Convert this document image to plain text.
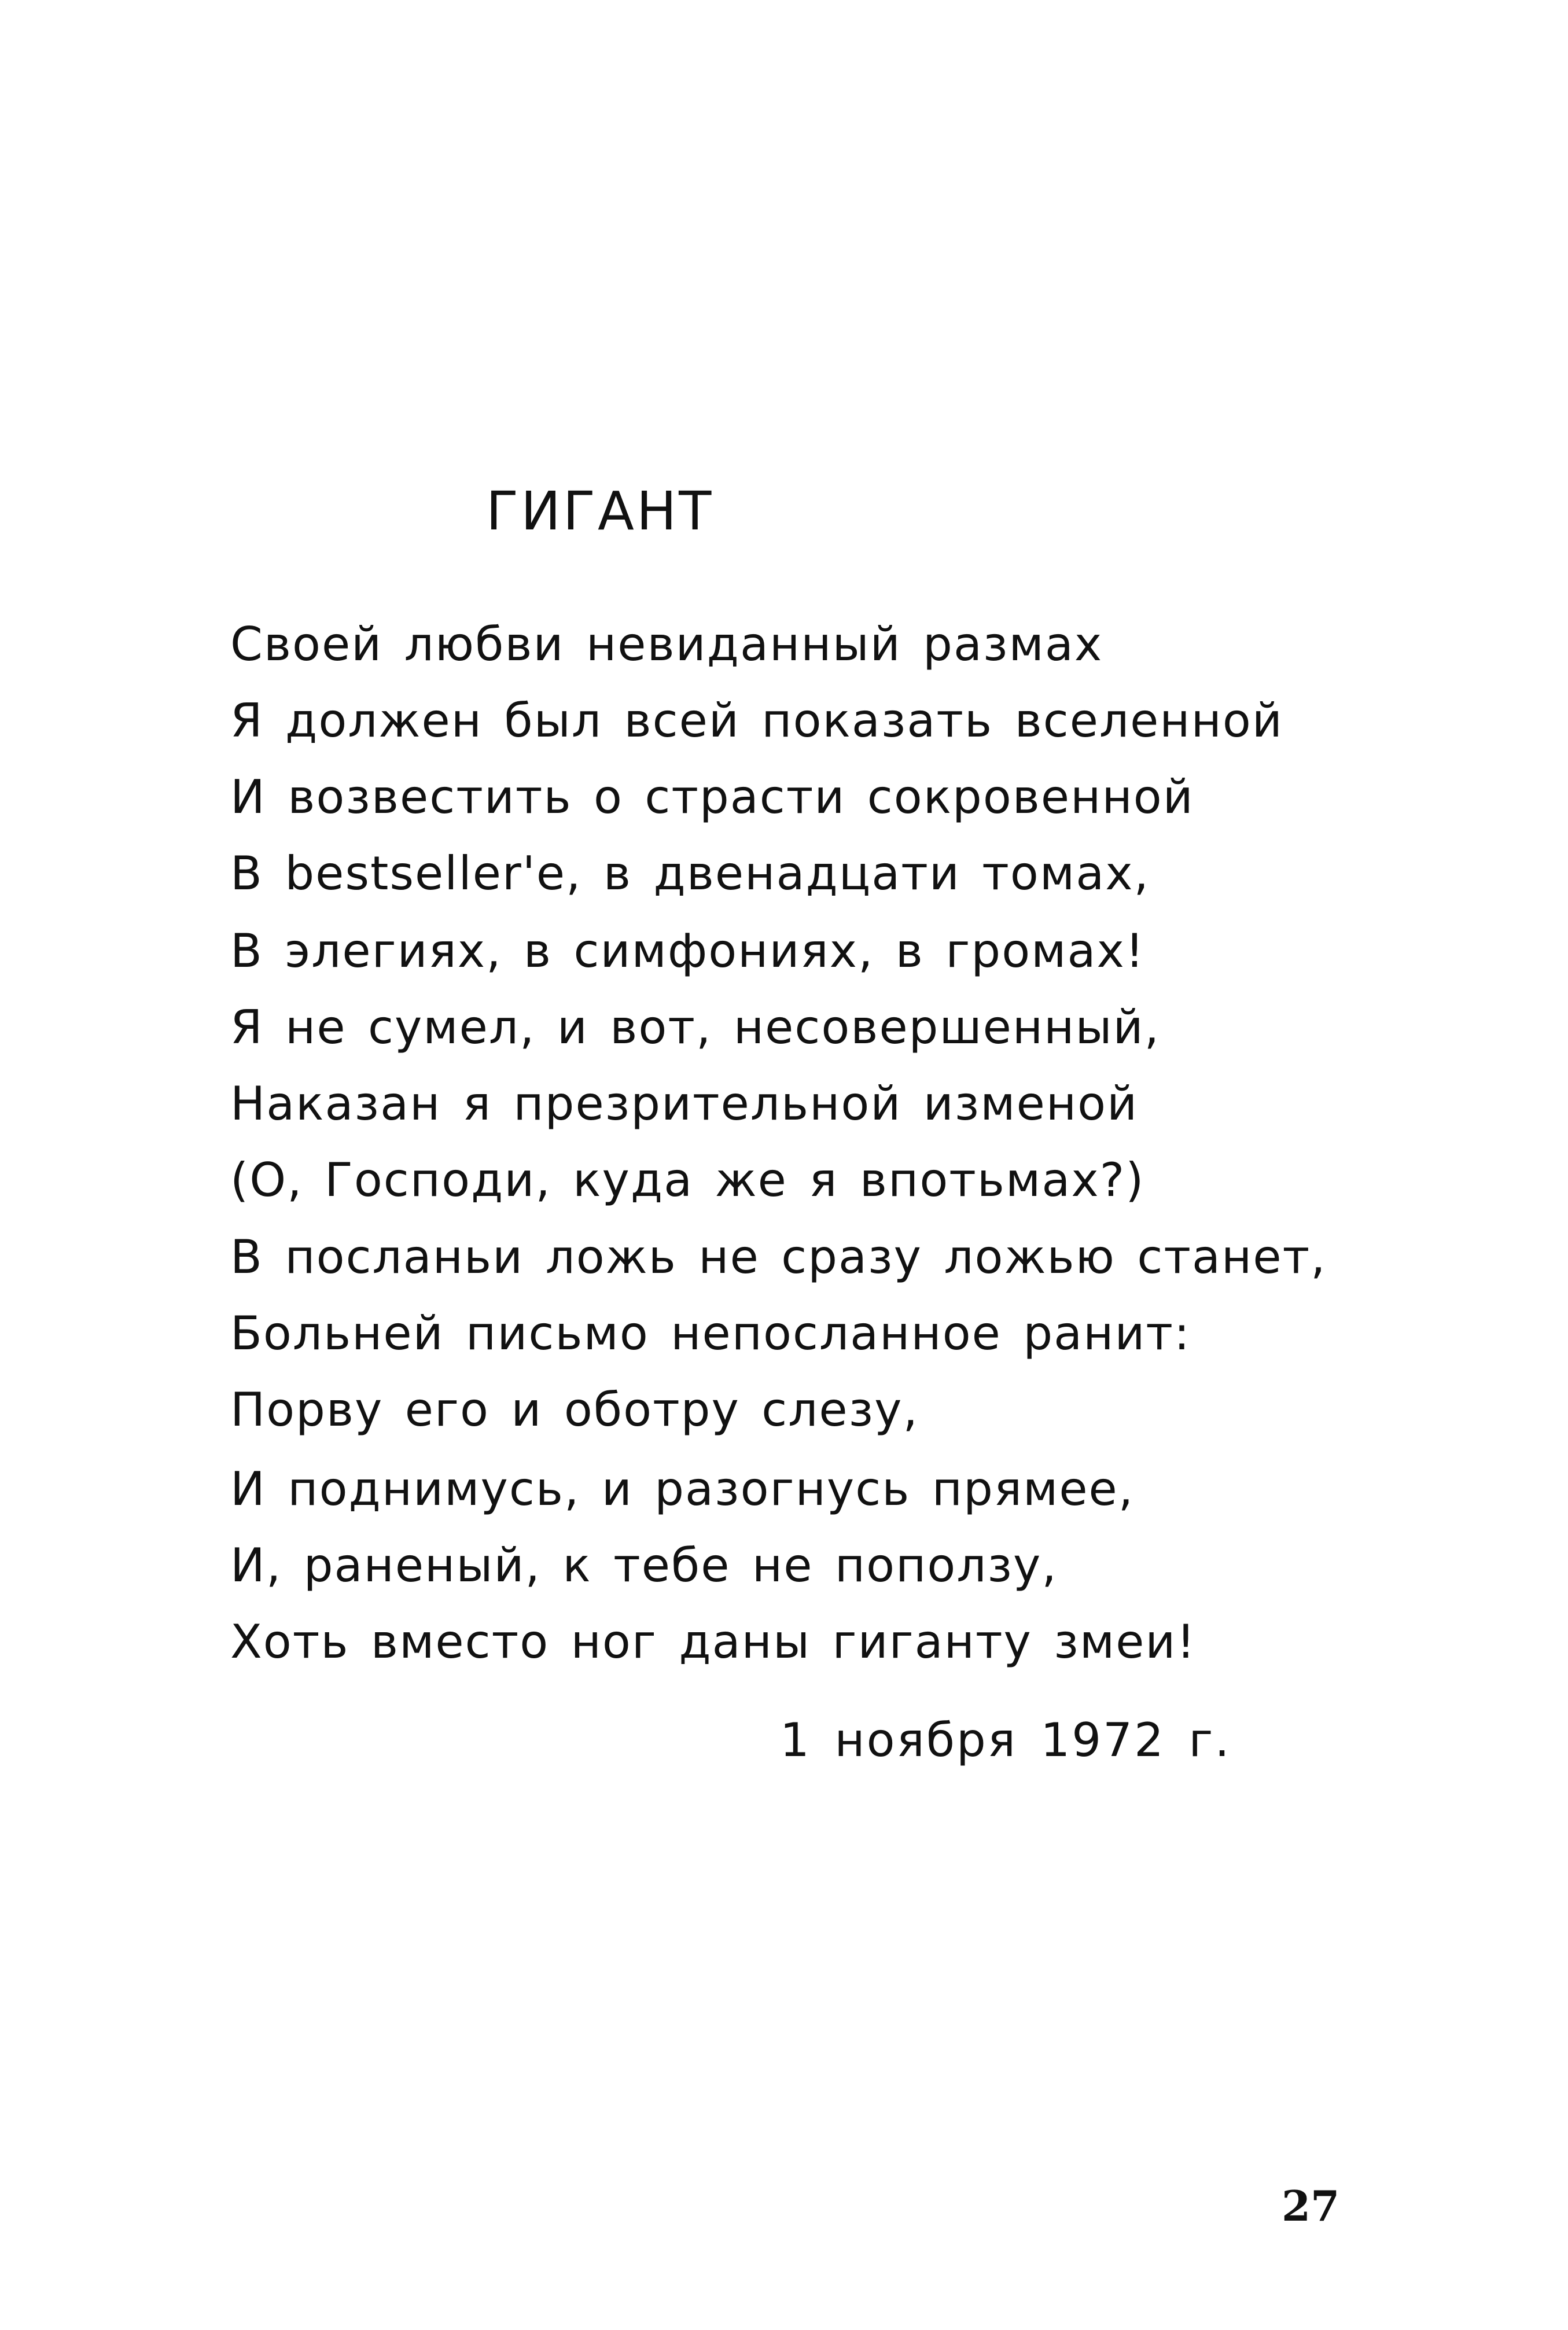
ГИГАНТ
Своей любви невиданный размах
Я должен был всей показать вселенной
И возвестить о страсти сокровенной
В bestseller'е, в двенадцати томах,
В элегиях, в симфониях, в громах!
Я не сумел, и вот, несовершенный,
Наказан я презрительной изменой
(О, Господи, куда же я впотьмах?)
В посланьи ложь не сразу ложью станет,
Больней письмо непосланное ранит:
Порву его и оботру слезу,
И поднимусь, и разогнусь прямее,
И, раненый, к тебе не поползу,
Хоть вместо ног даны гиганту змеи!

1 ноября 1972 г.

27
